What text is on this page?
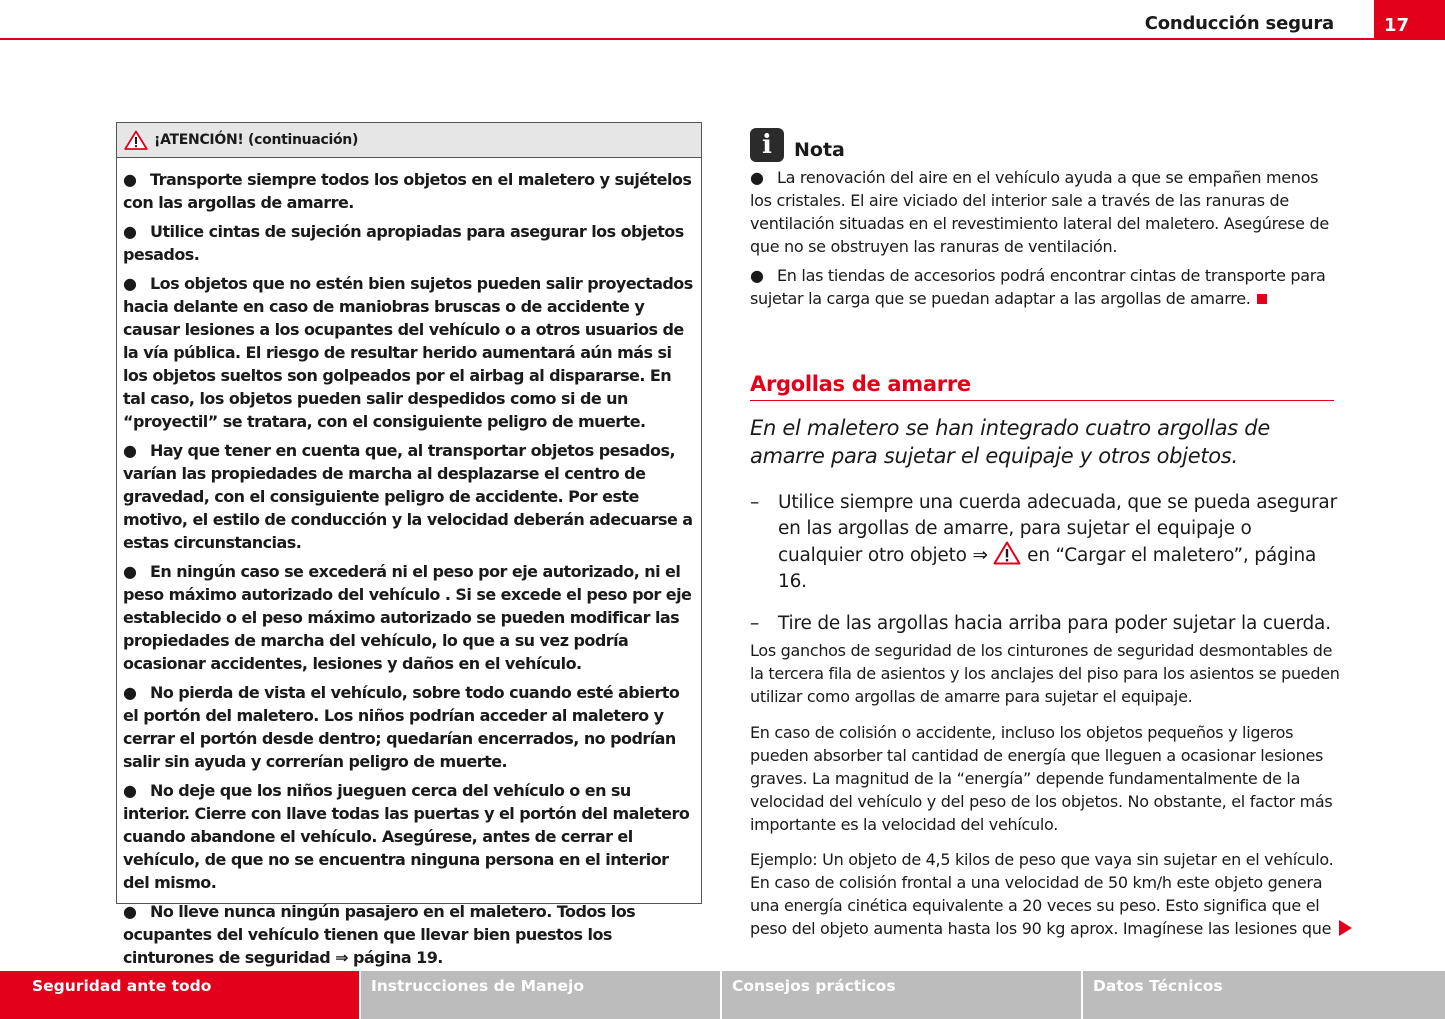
Conducción segura	17
¡ATENCIÓN! (continuación)

● Transporte siempre todos los objetos en el maletero y sujételos con las argollas de amarre.

● Utilice cintas de sujeción apropiadas para asegurar los objetos pesados.

● Los objetos que no estén bien sujetos pueden salir proyectados hacia delante en caso de maniobras bruscas o de accidente y causar lesiones a los ocupantes del vehículo o a otros usuarios de la vía pública. El riesgo de resultar herido aumentará aún más si los objetos sueltos son golpeados por el airbag al dispararse. En tal caso, los objetos pueden salir despedidos como si de un “proyectil” se tratara, con el consiguiente peligro de muerte.

● Hay que tener en cuenta que, al transportar objetos pesados, varían las propiedades de marcha al desplazarse el centro de gravedad, con el consiguiente peligro de accidente. Por este motivo, el estilo de conducción y la velocidad deberán adecuarse a estas circunstancias.

● En ningún caso se excederá ni el peso por eje autorizado, ni el peso máximo autorizado del vehículo . Si se excede el peso por eje establecido o el peso máximo autorizado se pueden modificar las propiedades de marcha del vehículo, lo que a su vez podría ocasionar accidentes, lesiones y daños en el vehículo.

● No pierda de vista el vehículo, sobre todo cuando esté abierto el portón del maletero. Los niños podrían acceder al maletero y cerrar el portón desde dentro; quedarían encerrados, no podrían salir sin ayuda y correrían peligro de muerte.

● No deje que los niños jueguen cerca del vehículo o en su interior. Cierre con llave todas las puertas y el portón del maletero cuando abandone el vehículo. Asegúrese, antes de cerrar el vehículo, de que no se encuentra ninguna persona en el interior del mismo.

● No lleve nunca ningún pasajero en el maletero. Todos los ocupantes del vehículo tienen que llevar bien puestos los cinturones de seguridad ⇒ página 19.

i	Nota

● La renovación del aire en el vehículo ayuda a que se empañen menos los cristales. El aire viciado del interior sale a través de las ranuras de ventilación situadas en el revestimiento lateral del maletero. Asegúrese de que no se obstruyen las ranuras de ventilación.

● En las tiendas de accesorios podrá encontrar cintas de transporte para sujetar la carga que se puedan adaptar a las argollas de amarre.

Argollas de amarre
En el maletero se han integrado cuatro argollas de amarre para sujetar el equipaje y otros objetos.
–	Utilice siempre una cuerda adecuada, que se pueda asegurar en las argollas de amarre, para sujetar el equipaje o cualquier otro objeto ⇒  en “Cargar el maletero”, página 16.
–	Tire de las argollas hacia arriba para poder sujetar la cuerda.

Los ganchos de seguridad de los cinturones de seguridad desmontables de la tercera fila de asientos y los anclajes del piso para los asientos se pueden utilizar como argollas de amarre para sujetar el equipaje.

En caso de colisión o accidente, incluso los objetos pequeños y ligeros pueden absorber tal cantidad de energía que lleguen a ocasionar lesiones graves. La magnitud de la “energía” depende fundamentalmente de la velocidad del vehículo y del peso de los objetos. No obstante, el factor más importante es la velocidad del vehículo.

Ejemplo: Un objeto de 4,5 kilos de peso que vaya sin sujetar en el vehículo. En caso de colisión frontal a una velocidad de 50 km/h este objeto genera una energía cinética equivalente a 20 veces su peso. Esto significa que el peso del objeto aumenta hasta los 90 kg aprox. Imagínese las lesiones que

Seguridad ante todo	Instrucciones de Manejo	Consejos prácticos	Datos Técnicos
